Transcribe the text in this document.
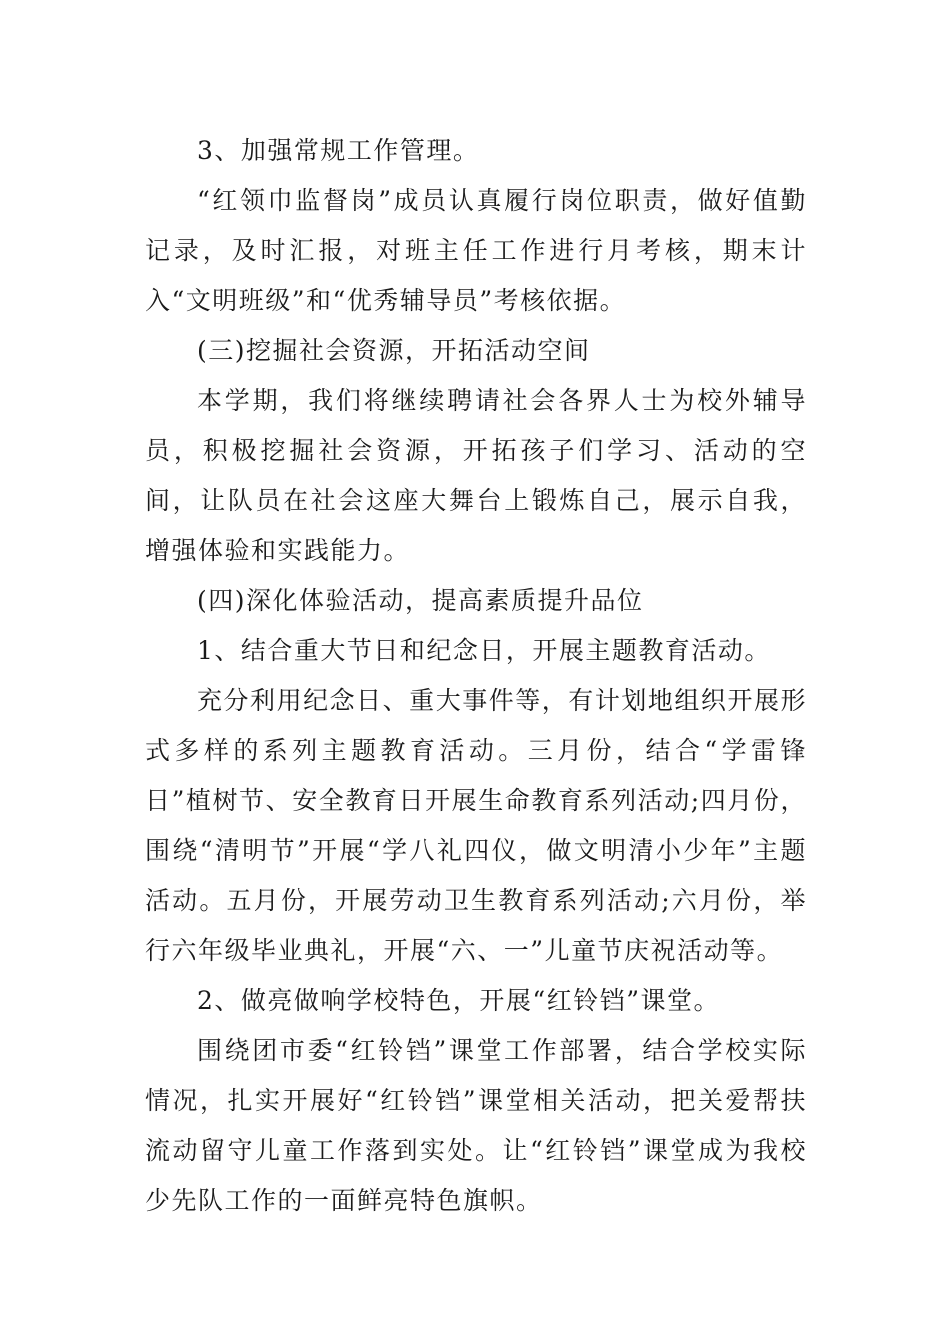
3、加强常规工作管理。

“红领巾监督岗”成员认真履行岗位职责，做好值勤记录，及时汇报，对班主任工作进行月考核，期末计入“文明班级”和“优秀辅导员”考核依据。

(三)挖掘社会资源，开拓活动空间

本学期，我们将继续聘请社会各界人士为校外辅导员，积极挖掘社会资源，开拓孩子们学习、活动的空间，让队员在社会这座大舞台上锻炼自己，展示自我，增强体验和实践能力。

(四)深化体验活动，提高素质提升品位

1、结合重大节日和纪念日，开展主题教育活动。

充分利用纪念日、重大事件等，有计划地组织开展形式多样的系列主题教育活动。三月份，结合“学雷锋日”植树节、安全教育日开展生命教育系列活动;四月份，围绕“清明节”开展“学八礼四仪，做文明清小少年”主题活动。五月份，开展劳动卫生教育系列活动;六月份，举行六年级毕业典礼，开展“六、一”儿童节庆祝活动等。

2、做亮做响学校特色，开展“红铃铛”课堂。

围绕团市委“红铃铛”课堂工作部署，结合学校实际情况，扎实开展好“红铃铛”课堂相关活动，把关爱帮扶流动留守儿童工作落到实处。让“红铃铛”课堂成为我校少先队工作的一面鲜亮特色旗帜。
